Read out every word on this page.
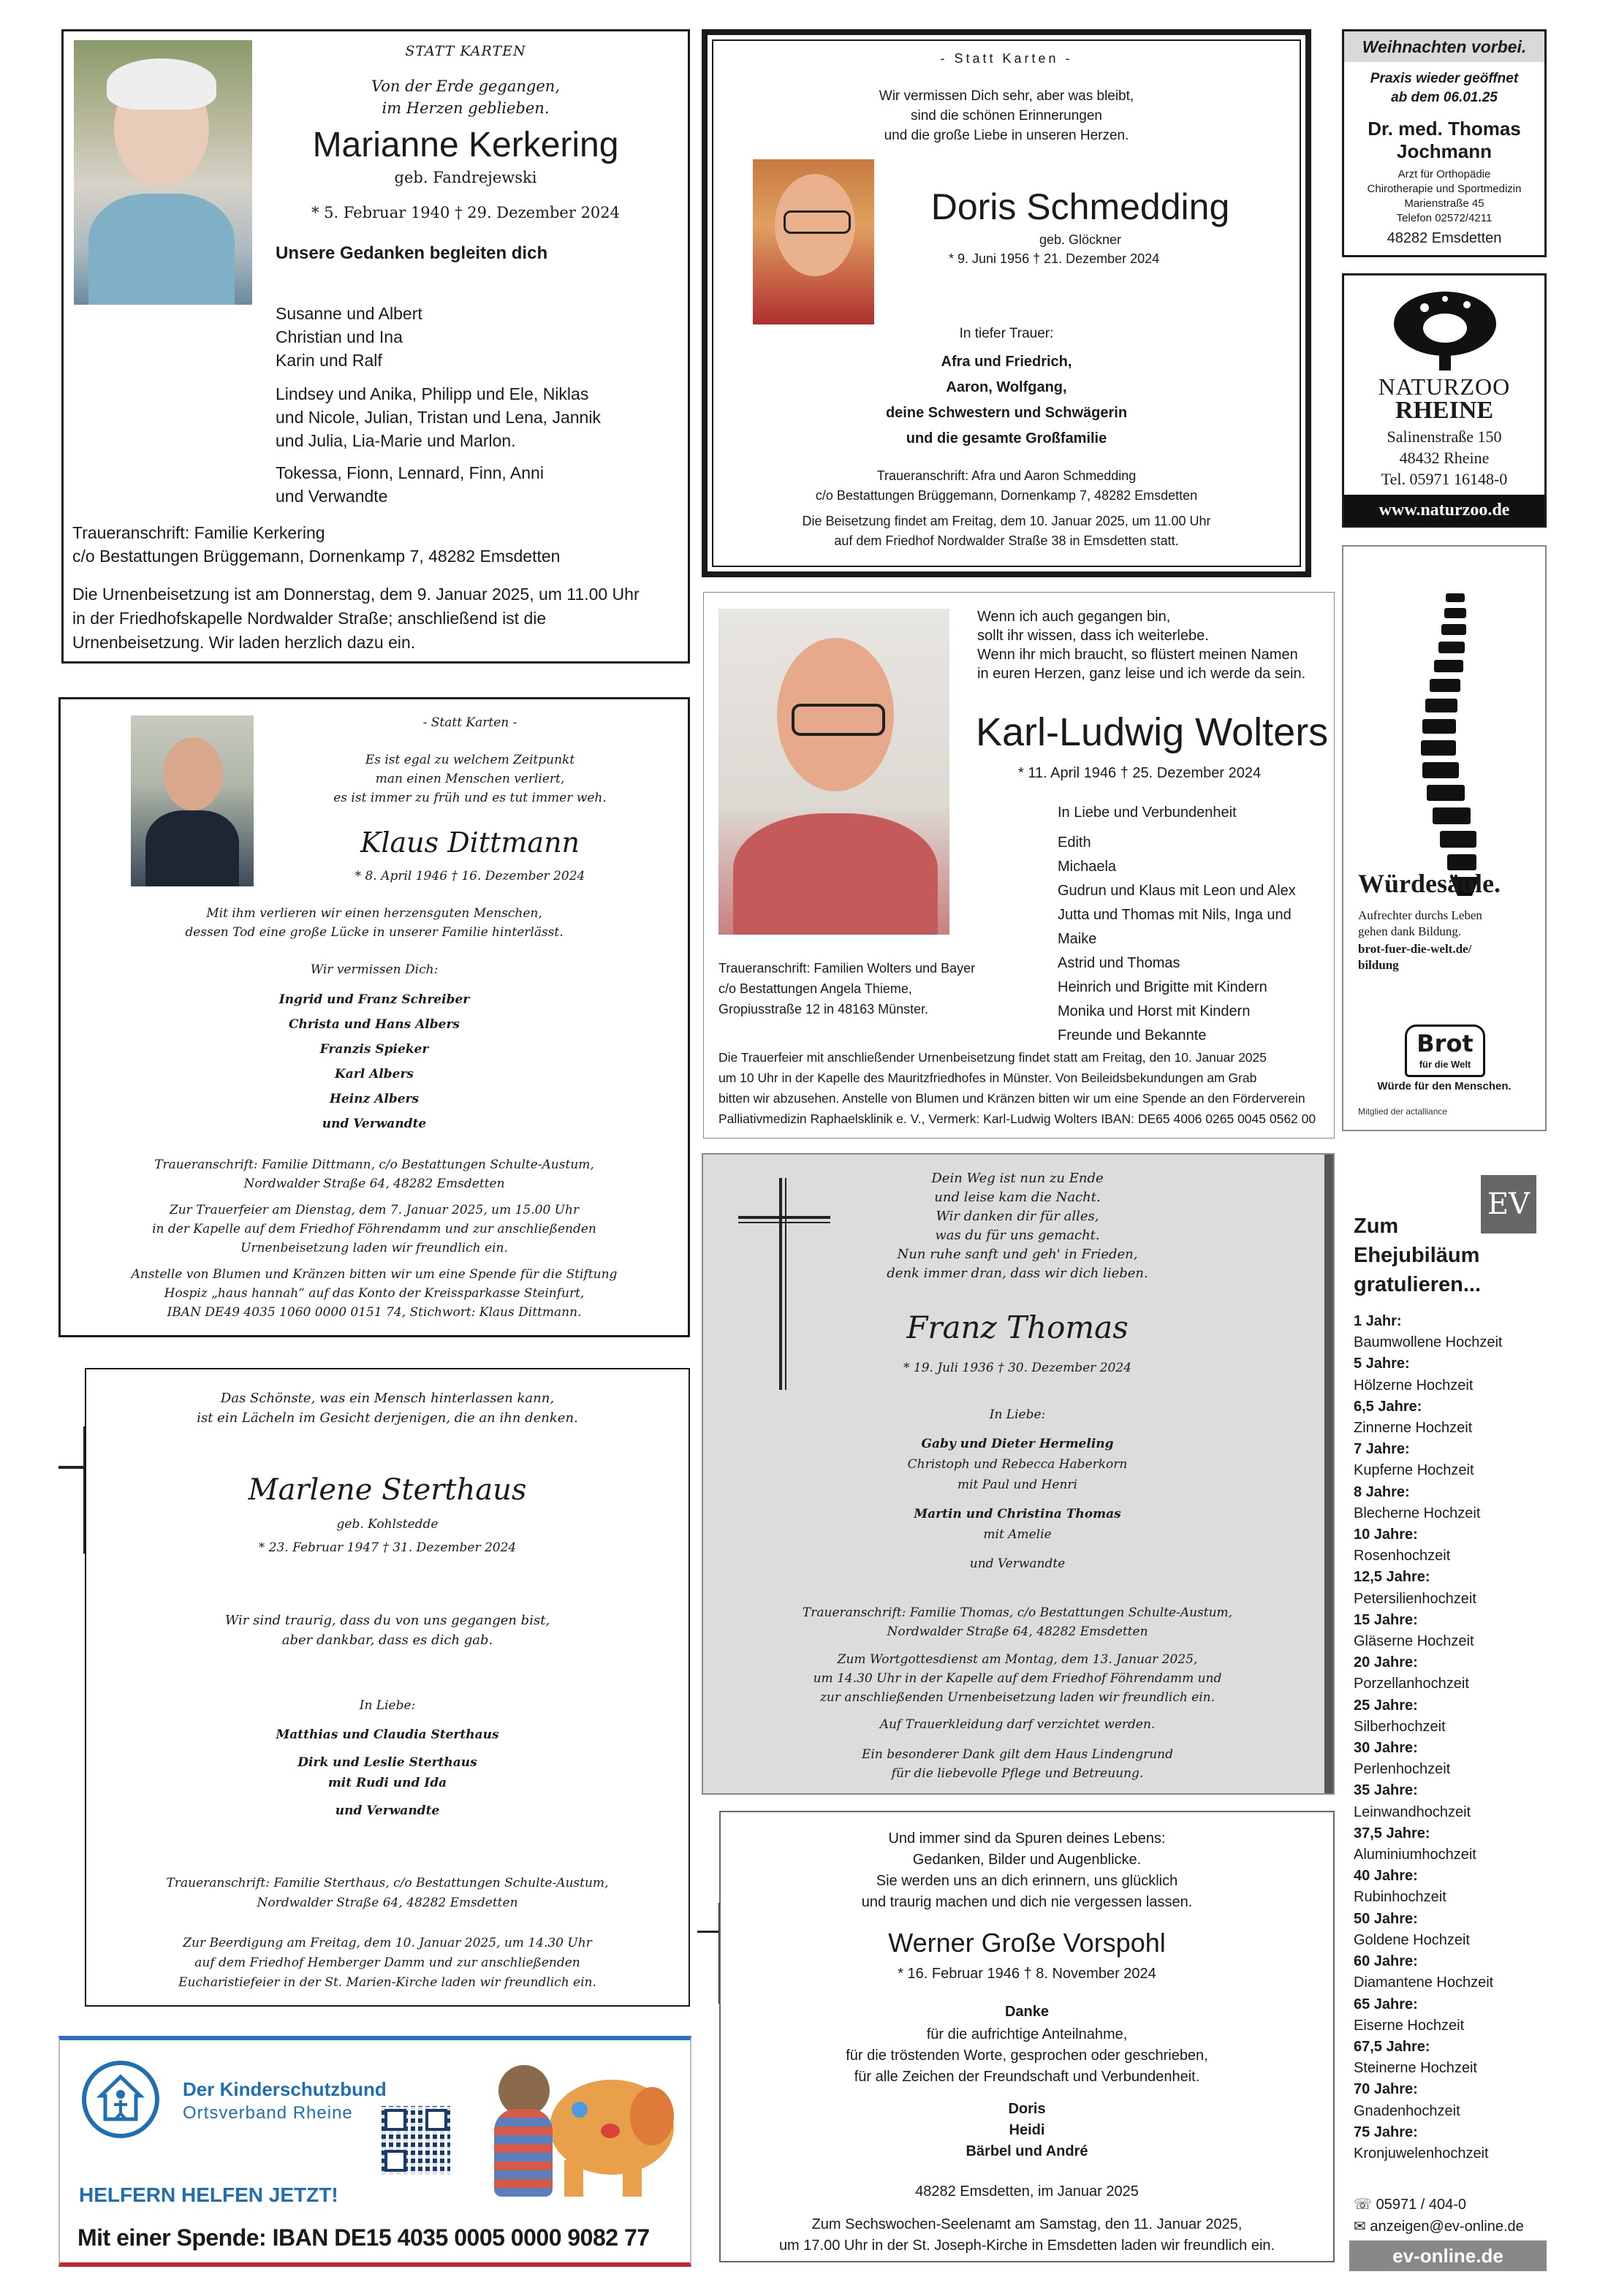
STATT KARTEN
Von der Erde gegangen,
im Herzen geblieben.
Marianne Kerkering
geb. Fandrejewski
* 5. Februar 1940 † 29. Dezember 2024
Unsere Gedanken begleiten dich
Susanne und Albert
Christian und Ina
Karin und Ralf
Lindsey und Anika, Philipp und Ele, Niklas
und Nicole, Julian, Tristan und Lena, Jannik
und Julia, Lia-Marie und Marlon.
Tokessa, Fionn, Lennard, Finn, Anni
und Verwandte
Traueranschrift: Familie Kerkering
c/o Bestattungen Brüggemann, Dornenkamp 7, 48282 Emsdetten
Die Urnenbeisetzung ist am Donnerstag, dem 9. Januar 2025, um 11.00 Uhr
in der Friedhofskapelle Nordwalder Straße; anschließend ist die
Urnenbeisetzung. Wir laden herzlich dazu ein.
- Statt Karten -
Wir vermissen Dich sehr, aber was bleibt,
sind die schönen Erinnerungen
und die große Liebe in unseren Herzen.
Doris Schmedding
geb. Glöckner
* 9. Juni 1956 † 21. Dezember 2024
In tiefer Trauer:
Afra und Friedrich,
Aaron, Wolfgang,
deine Schwestern und Schwägerin
und die gesamte Großfamilie
Traueranschrift: Afra und Aaron Schmedding
c/o Bestattungen Brüggemann, Dornenkamp 7, 48282 Emsdetten
Die Beisetzung findet am Freitag, dem 10. Januar 2025, um 11.00 Uhr
auf dem Friedhof Nordwalder Straße 38 in Emsdetten statt.
Weihnachten vorbei.
Praxis wieder geöffnet
ab dem 06.01.25
Dr. med. Thomas
Jochmann
Arzt für Orthopädie
Chirotherapie und Sportmedizin
Marienstraße 45
Telefon 02572/4211
48282 Emsdetten
NATURZOO
RHEINE
Salinenstraße 150
48432 Rheine
Tel. 05971 16148-0
www.naturzoo.de
Würdesäule.
Aufrechter durchs Leben
gehen dank Bildung.
brot-fuer-die-welt.de/
bildung
Brot
für die Welt
Würde für den Menschen.
Mitglied der actalliance
- Statt Karten -
Es ist egal zu welchem Zeitpunkt
man einen Menschen verliert,
es ist immer zu früh und es tut immer weh.
Klaus Dittmann
* 8. April 1946 † 16. Dezember 2024
Mit ihm verlieren wir einen herzensguten Menschen,
dessen Tod eine große Lücke in unserer Familie hinterlässt.
Wir vermissen Dich:
Ingrid und Franz Schreiber
Christa und Hans Albers
Franzis Spieker
Karl Albers
Heinz Albers
und Verwandte
Traueranschrift: Familie Dittmann, c/o Bestattungen Schulte-Austum,
Nordwalder Straße 64, 48282 Emsdetten
Zur Trauerfeier am Dienstag, dem 7. Januar 2025, um 15.00 Uhr
in der Kapelle auf dem Friedhof Föhrendamm und zur anschließenden
Urnenbeisetzung laden wir freundlich ein.
Anstelle von Blumen und Kränzen bitten wir um eine Spende für die Stiftung
Hospiz „haus hannah“ auf das Konto der Kreissparkasse Steinfurt,
IBAN DE49 4035 1060 0000 0151 74, Stichwort: Klaus Dittmann.
Wenn ich auch gegangen bin,
sollt ihr wissen, dass ich weiterlebe.
Wenn ihr mich braucht, so flüstert meinen Namen
in euren Herzen, ganz leise und ich werde da sein.
Karl-Ludwig Wolters
* 11. April 1946 † 25. Dezember 2024
In Liebe und Verbundenheit
Edith
Michaela
Gudrun und Klaus mit Leon und Alex
Jutta und Thomas mit Nils, Inga und Maike
Astrid und Thomas
Heinrich und Brigitte mit Kindern
Monika und Horst mit Kindern
Freunde und Bekannte
Traueranschrift: Familien Wolters und Bayer
c/o Bestattungen Angela Thieme,
Gropiusstraße 12 in 48163 Münster.
Die Trauerfeier mit anschließender Urnenbeisetzung findet statt am Freitag, den 10. Januar 2025
um 10 Uhr in der Kapelle des Mauritzfriedhofes in Münster. Von Beileidsbekundungen am Grab
bitten wir abzusehen. Anstelle von Blumen und Kränzen bitten wir um eine Spende an den Förderverein
Palliativmedizin Raphaelsklinik e. V., Vermerk: Karl-Ludwig Wolters IBAN: DE65 4006 0265 0045 0562 00
Dein Weg ist nun zu Ende
und leise kam die Nacht.
Wir danken dir für alles,
was du für uns gemacht.
Nun ruhe sanft und geh' in Frieden,
denk immer dran, dass wir dich lieben.
Franz Thomas
* 19. Juli 1936 † 30. Dezember 2024
In Liebe:
Gaby und Dieter Hermeling
Christoph und Rebecca Haberkorn
mit Paul und Henri
Martin und Christina Thomas
mit Amelie
und Verwandte
Traueranschrift: Familie Thomas, c/o Bestattungen Schulte-Austum,
Nordwalder Straße 64, 48282 Emsdetten
Zum Wortgottesdienst am Montag, dem 13. Januar 2025,
um 14.30 Uhr in der Kapelle auf dem Friedhof Föhrendamm und
zur anschließenden Urnenbeisetzung laden wir freundlich ein.
Auf Trauerkleidung darf verzichtet werden.
Ein besonderer Dank gilt dem Haus Lindengrund
für die liebevolle Pflege und Betreuung.
EV
Zum
Ehejubiläum
gratulieren...
1 Jahr:
Baumwollene Hochzeit
5 Jahre:
Hölzerne Hochzeit
6,5 Jahre:
Zinnerne Hochzeit
7 Jahre:
Kupferne Hochzeit
8 Jahre:
Blecherne Hochzeit
10 Jahre:
Rosenhochzeit
12,5 Jahre:
Petersilienhochzeit
15 Jahre:
Gläserne Hochzeit
20 Jahre:
Porzellanhochzeit
25 Jahre:
Silberhochzeit
30 Jahre:
Perlenhochzeit
35 Jahre:
Leinwandhochzeit
37,5 Jahre:
Aluminiumhochzeit
40 Jahre:
Rubinhochzeit
50 Jahre:
Goldene Hochzeit
60 Jahre:
Diamantene Hochzeit
65 Jahre:
Eiserne Hochzeit
67,5 Jahre:
Steinerne Hochzeit
70 Jahre:
Gnadenhochzeit
75 Jahre:
Kronjuwelenhochzeit
☏ 05971 / 404-0
✉ anzeigen@ev-online.de
ev-online.de
Das Schönste, was ein Mensch hinterlassen kann,
ist ein Lächeln im Gesicht derjenigen, die an ihn denken.
Marlene Sterthaus
geb. Kohlstedde
* 23. Februar 1947 † 31. Dezember 2024
Wir sind traurig, dass du von uns gegangen bist,
aber dankbar, dass es dich gab.
In Liebe:
Matthias und Claudia Sterthaus
Dirk und Leslie Sterthaus
mit Rudi und Ida
und Verwandte
Traueranschrift: Familie Sterthaus, c/o Bestattungen Schulte-Austum,
Nordwalder Straße 64, 48282 Emsdetten
Zur Beerdigung am Freitag, dem 10. Januar 2025, um 14.30 Uhr
auf dem Friedhof Hemberger Damm und zur anschließenden
Eucharistiefeier in der St. Marien-Kirche laden wir freundlich ein.
Und immer sind da Spuren deines Lebens:
Gedanken, Bilder und Augenblicke.
Sie werden uns an dich erinnern, uns glücklich
und traurig machen und dich nie vergessen lassen.
Werner Große Vorspohl
* 16. Februar 1946 † 8. November 2024
Danke
für die aufrichtige Anteilnahme,
für die tröstenden Worte, gesprochen oder geschrieben,
für alle Zeichen der Freundschaft und Verbundenheit.
Doris
Heidi
Bärbel und André
48282 Emsdetten, im Januar 2025
Zum Sechswochen-Seelenamt am Samstag, den 11. Januar 2025,
um 17.00 Uhr in der St. Joseph-Kirche in Emsdetten laden wir freundlich ein.
Der Kinderschutzbund
Ortsverband Rheine
HELFERN HELFEN JETZT!
Mit einer Spende: IBAN DE15 4035 0005 0000 9082 77
